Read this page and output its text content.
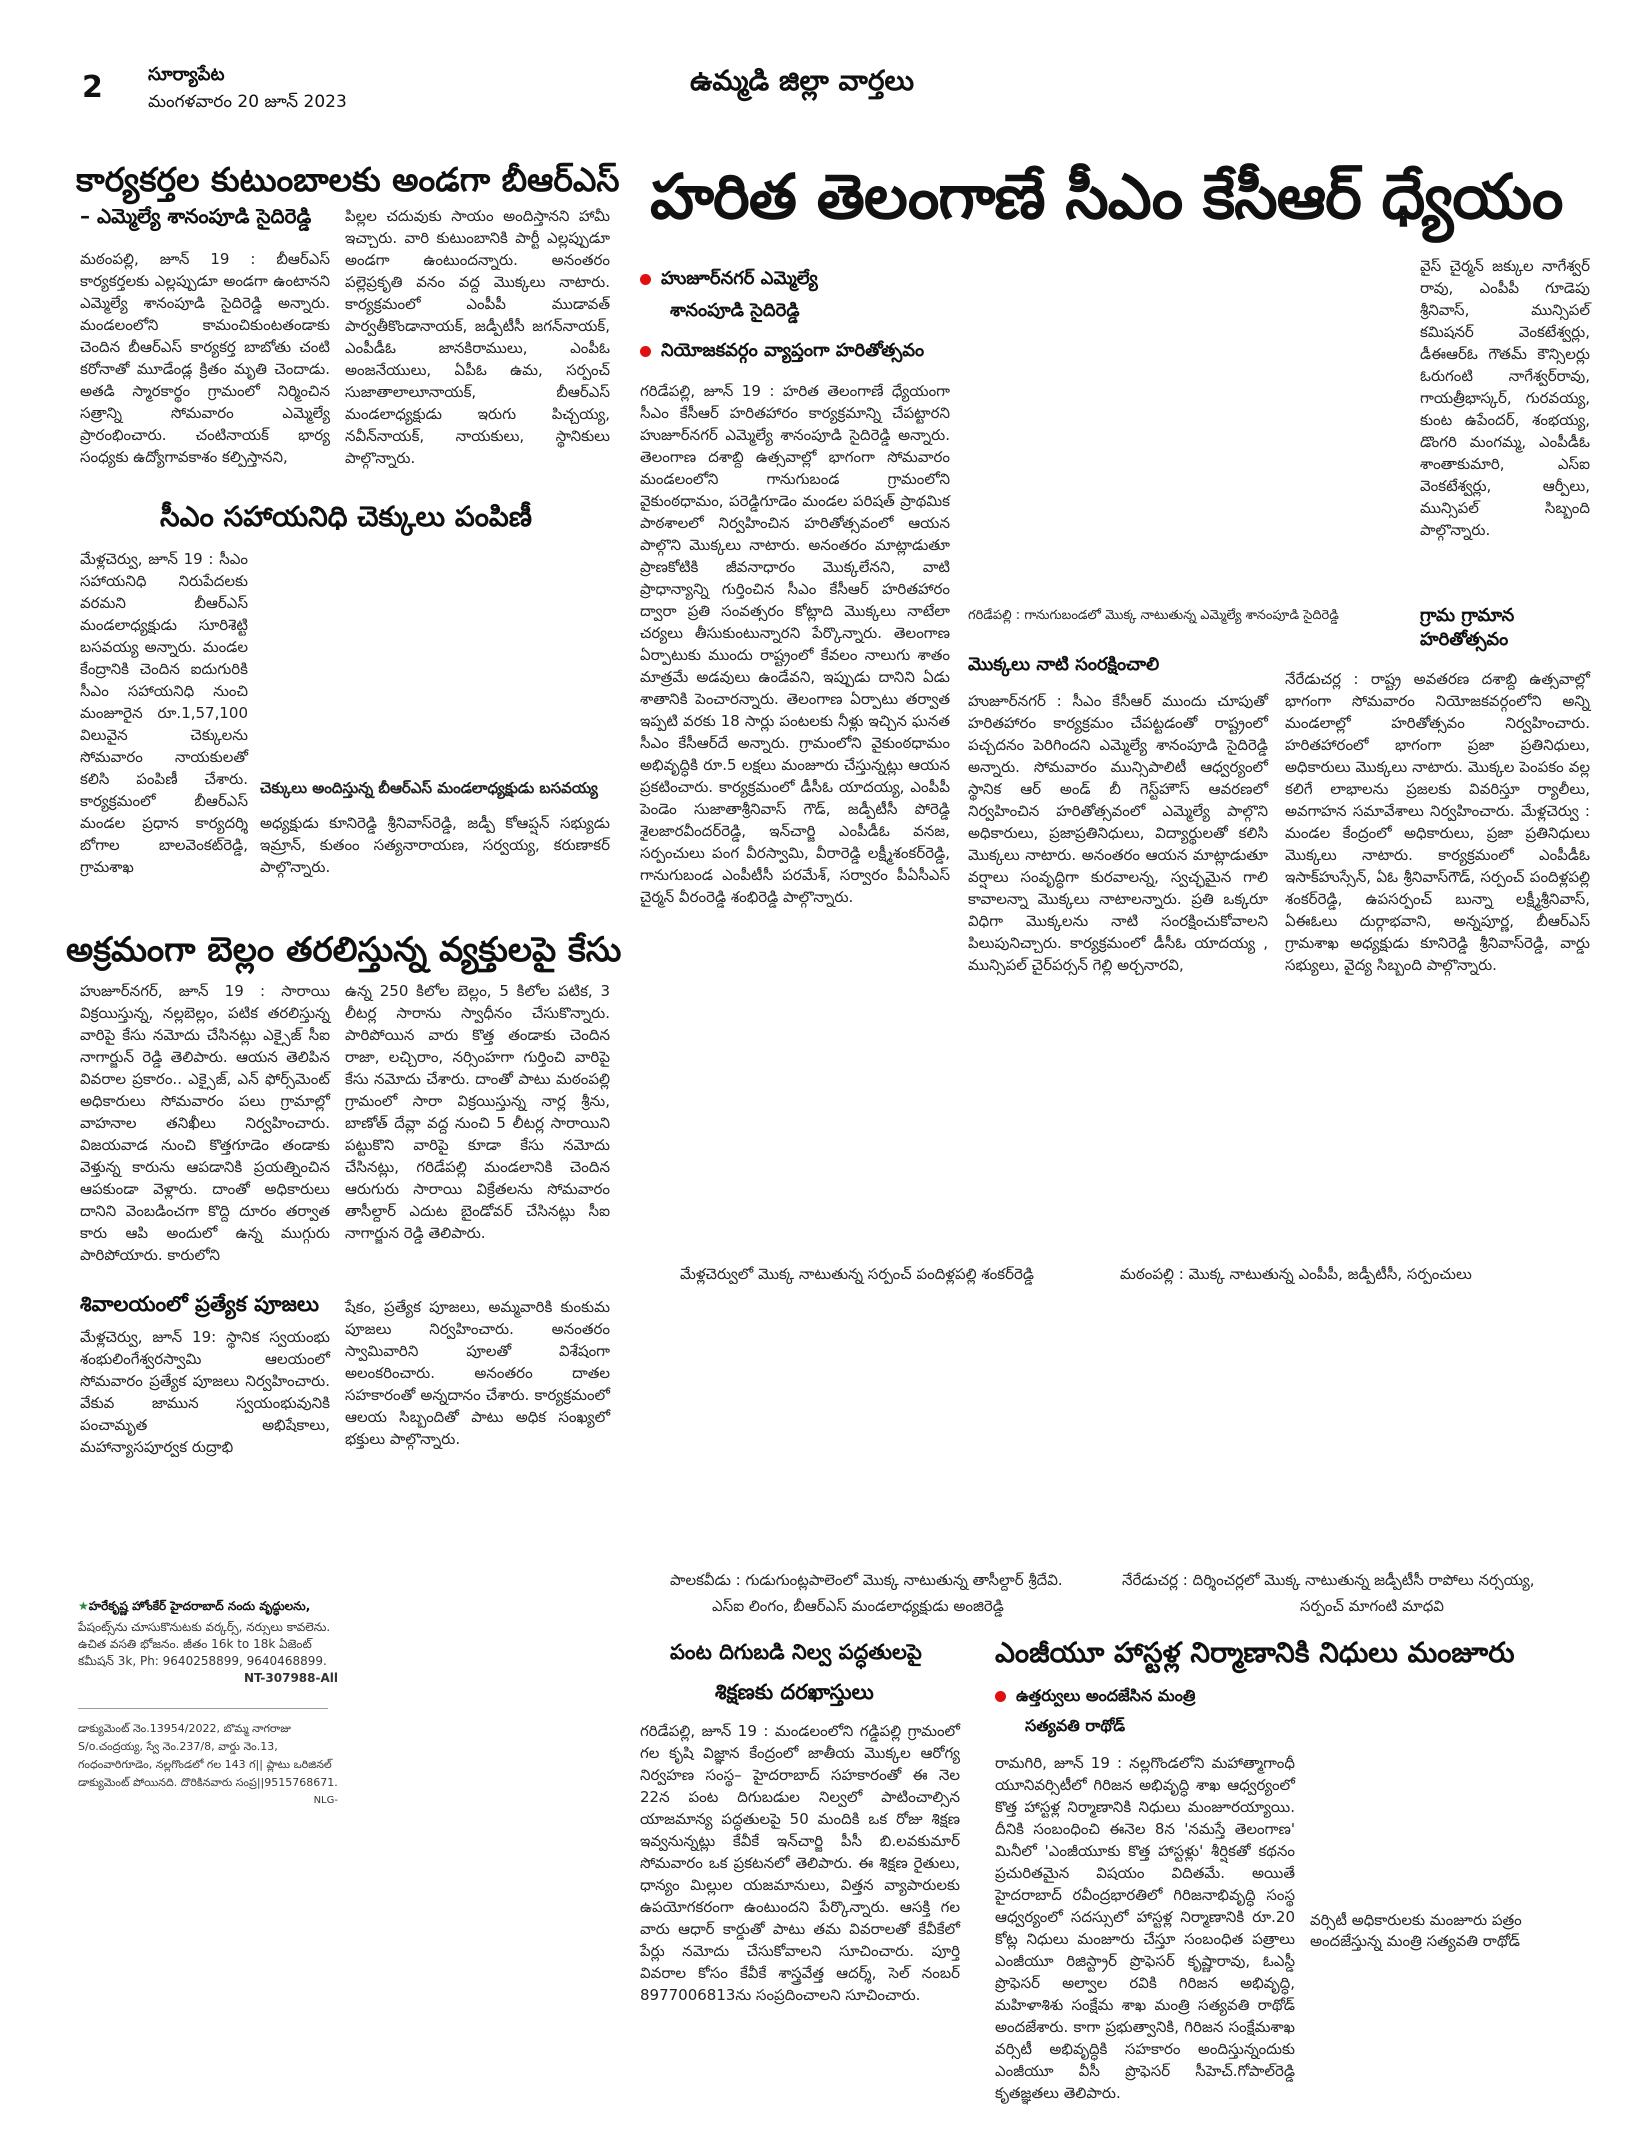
2	సూర్యాపేట
మంగళవారం 20 జూన్ 2023
ఉమ్మడి జిల్లా వార్తలు
కార్యకర్తల కుటుంబాలకు అండగా బీఆర్ఎస్
– ఎమ్మెల్యే శానంపూడి సైదిరెడ్డి
మఠంపల్లి, జూన్ 19 : బీఆర్ఎస్ కార్యకర్తలకు ఎల్లప్పుడూ అండగా ఉంటానని ఎమ్మెల్యే శానంపూడి సైదిరెడ్డి అన్నారు. మండలంలోని కామంచికుంటతండాకు చెందిన బీఆర్ఎస్ కార్యకర్త బాబోతు చంటి కరోనాతో మూడేండ్ల క్రితం మృతి చెందాడు. అతడి స్మారకార్థం గ్రామంలో నిర్మించిన సత్రాన్ని సోమవారం ఎమ్మెల్యే ప్రారంభించారు. చంటినాయక్ భార్య సంధ్యకు ఉద్యోగావకాశం కల్పిస్తానని,
పిల్లల చదువుకు సాయం అందిస్తానని హామీ ఇచ్చారు. వారి కుటుంబానికి పార్టీ ఎల్లప్పుడూ అండగా ఉంటుందన్నారు. అనంతరం పల్లెప్రకృతి వనం వద్ద మొక్కలు నాటారు. కార్యక్రమంలో ఎంపీపీ ముడావత్ పార్వతీకొండానాయక్, జడ్పీటీసీ జగన్‌నాయక్, ఎంపీడీఓ జానకిరాములు, ఎంపీఓ అంజనేయులు, ఏపీఓ ఉమ, సర్పంచ్ సుజాతాలాలూనాయక్, బీఆర్ఎస్ మండలాధ్యక్షుడు ఇరుగు పిచ్చయ్య, నవీన్‌నాయక్, నాయకులు, స్థానికులు పాల్గొన్నారు.
సీఎం సహాయనిధి చెక్కులు పంపిణీ
మేళ్లచెర్వు, జూన్ 19 : సీఎం సహాయనిధి నిరుపేదలకు వరమని బీఆర్ఎస్ మండలాధ్యక్షుడు సూరిశెట్టి బసవయ్య అన్నారు. మండల కేంద్రానికి చెందిన ఐదుగురికి సీఎం సహాయనిధి నుంచి మంజూరైన రూ.1,57,100 విలువైన చెక్కులను సోమవారం నాయకులతో కలిసి పంపిణీ చేశారు. కార్యక్రమంలో బీఆర్ఎస్ మండల ప్రధాన కార్యదర్శి బోగాల బాలవెంకట్‌రెడ్డి, గ్రామశాఖ
చెక్కులు అందిస్తున్న బీఆర్ఎస్ మండలాధ్యక్షుడు బసవయ్య
అధ్యక్షుడు కూనిరెడ్డి శ్రీనివాస్‌రెడ్డి, జడ్పీ కోఆప్షన్ సభ్యుడు ఇమ్రాన్, కుతంం సత్యనారాయణ, సర్వయ్య, కరుణాకర్ పాల్గొన్నారు.
అక్రమంగా బెల్లం తరలిస్తున్న వ్యక్తులపై కేసు
హుజూర్‌నగర్, జూన్ 19 : సారాయి విక్రయిస్తున్న, నల్లబెల్లం, పటిక తరలిస్తున్న వారిపై కేసు నమోదు చేసినట్లు ఎక్సైజ్ సీఐ నాగార్జున్ రెడ్డి తెలిపారు. ఆయన తెలిపిన వివరాల ప్రకారం.. ఎక్సైజ్, ఎన్ ఫోర్స్‌మెంట్ అధికారులు సోమవారం పలు గ్రామాల్లో వాహనాల తనిఖీలు నిర్వహించారు. విజయవాడ నుంచి కొత్తగూడెం తండాకు వెళ్తున్న కారును ఆపడానికి ప్రయత్నించిన ఆపకుండా వెళ్లారు. దాంతో అధికారులు దానిని వెంబడించగా కొద్ది దూరం తర్వాత కారు ఆపి అందులో ఉన్న ముగ్గురు పారిపోయారు. కారులోని
ఉన్న 250 కిలోల బెల్లం, 5 కిలోల పటిక, 3 లీటర్ల సారాను స్వాధీనం చేసుకొన్నారు. పారిపోయిన వారు కొత్త తండాకు చెందిన రాజా, లచ్చిరాం, నర్సింహగా గుర్తించి వారిపై కేసు నమోదు చేశారు. దాంతో పాటు మఠంపల్లి గ్రామంలో సారా విక్రయిస్తున్న నార్ల శ్రీను, బాణోత్ దేవ్లా వద్ద నుంచి 5 లీటర్ల సారాయిని పట్టుకొని వారిపై కూడా కేసు నమోదు చేసినట్లు, గరిడేపల్లి మండలానికి చెందిన ఆరుగురు సారాయి విక్రేతలను సోమవారం తాసీల్దార్ ఎదుట బైండోవర్ చేసినట్లు సీఐ నాగార్జున రెడ్డి తెలిపారు.
శివాలయంలో ప్రత్యేక పూజలు
మేళ్లచెర్వు, జూన్ 19: స్థానిక స్వయంభు శంభులింగేశ్వరస్వామి ఆలయంలో సోమవారం ప్రత్యేక పూజలు నిర్వహించారు. వేకువ జామున స్వయంభువునికి పంచామృత అభిషేకాలు, మహాన్యాసపూర్వక రుద్రాభి
షేకం, ప్రత్యేక పూజలు, అమ్మవారికి కుంకుమ పూజలు నిర్వహించారు. అనంతరం స్వామివారిని పూలతో విశేషంగా అలంకరించారు. అనంతరం దాతల సహకారంతో అన్నదానం చేశారు. కార్యక్రమంలో ఆలయ సిబ్బందితో పాటు అధిక సంఖ్యలో భక్తులు పాల్గొన్నారు.
హరిత తెలంగాణే సీఎం కేసీఆర్ ధ్యేయం
హుజూర్‌నగర్ ఎమ్మెల్యే
శానంపూడి సైదిరెడ్డి
నియోజకవర్గం వ్యాప్తంగా హరితోత్సవం
గరిడేపల్లి, జూన్ 19 : హరిత తెలంగాణే ధ్యేయంగా సీఎం కేసీఆర్ హరితహారం కార్యక్రమాన్ని చేపట్టారని హుజూర్‌నగర్ ఎమ్మెల్యే శానంపూడి సైదిరెడ్డి అన్నారు. తెలంగాణ దశాబ్ది ఉత్సవాల్లో భాగంగా సోమవారం మండలంలోని గానుగుబండ గ్రామంలోని వైకుంఠధామం, పరెడ్డిగూడెం మండల పరిషత్ ప్రాథమిక పాఠశాలలో నిర్వహించిన హరితోత్సవంలో ఆయన పాల్గొని మొక్కలు నాటారు. అనంతరం మాట్లాడుతూ ప్రాణకోటికి జీవనాధారం మొక్కలేనని, వాటి ప్రాధాన్యాన్ని గుర్తించిన సీఎం కేసీఆర్ హరితహారం ద్వారా ప్రతి సంవత్సరం కోట్లాది మొక్కలు నాటేలా చర్యలు తీసుకుంటున్నారని పేర్కొన్నారు. తెలంగాణ ఏర్పాటుకు ముందు రాష్ట్రంలో కేవలం నాలుగు శాతం మాత్రమే అడవులు ఉండేవని, ఇప్పుడు దానిని ఏడు శాతానికి పెంచారన్నారు. తెలంగాణ ఏర్పాటు తర్వాత ఇప్పటి వరకు 18 సార్లు పంటలకు నీళ్లు ఇచ్చిన ఘనత సీఎం కేసీఆర్‌దే అన్నారు. గ్రామంలోని వైకుంఠధామం అభివృద్ధికి రూ.5 లక్షలు మంజూరు చేస్తున్నట్లు ఆయన ప్రకటించారు. కార్యక్రమంలో డీసీఓ యాదయ్య, ఎంపీపీ పెండెం సుజాతాశ్రీనివాస్ గౌడ్, జడ్పీటీసీ పోరెడ్డి శైలజారవీందర్‌రెడ్డి, ఇన్‌చార్జి ఎంపీడీఓ వనజ, సర్పంచులు పంగ వీరస్వామి, వీరారెడ్డి లక్ష్మీశంకర్‌రెడ్డి, గానుగుబండ ఎంపీటీసీ పరమేశ్, సర్వారం పీఏసీఎస్ చైర్మన్ వీరంరెడ్డి శంభిరెడ్డి పాల్గొన్నారు.
గరిడేపల్లి : గానుగుబండలో మొక్క నాటుతున్న ఎమ్మెల్యే శానంపూడి సైదిరెడ్డి
వైస్ చైర్మన్ జక్కుల నాగేశ్వర్ రావు, ఎంపీపీ గూడెపు శ్రీనివాస్, మున్సిపల్ కమిషనర్ వెంకటేశ్వర్లు, డీఈఆర్ఓ గౌతమ్ కౌన్సిలర్లు ఓరుగంటి నాగేశ్వర్‌రావు, గాయత్రీభాస్కర్, గురవయ్య, కుంట ఉపేందర్, శంభయ్య, డొంగరి మంగమ్మ, ఎంపీడీఓ శాంతాకుమారి, ఎస్ఐ వెంకటేశ్వర్లు, ఆర్పీలు, మున్సిపల్ సిబ్బంది పాల్గొన్నారు.
మొక్కలు నాటి సంరక్షించాలి
హుజూర్‌నగర్ : సీఎం కేసీఆర్ ముందు చూపుతో హరితహారం కార్యక్రమం చేపట్టడంతో రాష్ట్రంలో పచ్చదనం పెరిగిందని ఎమ్మెల్యే శానంపూడి సైదిరెడ్డి అన్నారు. సోమవారం మున్సిపాలిటీ ఆధ్వర్యంలో స్థానిక ఆర్ అండ్ బీ గెస్ట్‌హౌస్ ఆవరణలో నిర్వహించిన హరితోత్సవంలో ఎమ్మెల్యే పాల్గొని అధికారులు, ప్రజాప్రతినిధులు, విద్యార్థులతో కలిసి మొక్కలు నాటారు. అనంతరం ఆయన మాట్లాడుతూ వర్షాలు సంవృద్ధిగా కురవాలన్న, స్వచ్ఛమైన గాలి కావాలన్నా మొక్కలు నాటాలన్నారు. ప్రతి ఒక్కరూ విధిగా మొక్కలను నాటి సంరక్షించుకోవాలని పిలుపునిచ్చారు. కార్యక్రమంలో డీసీఓ యాదయ్య , మున్సిపల్ చైర్‌పర్సన్ గెల్లి అర్చనారవి,
గ్రామ గ్రామాన హరితోత్సవం
నేరేడుచర్ల : రాష్ట్ర అవతరణ దశాబ్ది ఉత్సవాల్లో భాగంగా సోమవారం నియోజకవర్గంలోని అన్ని మండలాల్లో హరితోత్సవం నిర్వహించారు. హరితహారంలో భాగంగా ప్రజా ప్రతినిధులు, అధికారులు మొక్కలు నాటారు. మొక్కల పెంపకం వల్ల కలిగే లాభాలను ప్రజలకు వివరిస్తూ ర్యాలీలు, అవగాహన సమావేశాలు నిర్వహించారు. మేళ్లచెర్వు : మండల కేంద్రంలో అధికారులు, ప్రజా ప్రతినిధులు మొక్కలు నాటారు. కార్యక్రమంలో ఎంపీడీఓ ఇసాక్‌హుస్సేన్, ఏఓ శ్రీనివాస్‌గౌడ్, సర్పంచ్ పందిళ్లపల్లి శంకర్‌రెడ్డి, ఉపసర్పంచ్ బున్నా లక్ష్మీశ్రీనివాస్, ఏఈఓలు దుర్గాభవాని, అన్నపూర్ణ, బీఆర్ఎస్ గ్రామశాఖ అధ్యక్షుడు కూనిరెడ్డి శ్రీనివాస్‌రెడ్డి, వార్డు సభ్యులు, వైద్య సిబ్బంది పాల్గొన్నారు.
మేళ్లచెర్వులో మొక్క నాటుతున్న సర్పంచ్ పందిళ్లపల్లి శంకర్‌రెడ్డి	మఠంపల్లి : మొక్క నాటుతున్న ఎంపీపీ, జడ్పీటీసీ, సర్పంచులు
పాలకవీడు : గుడుగుంట్లపాలెంలో మొక్క నాటుతున్న తాసీల్దార్ శ్రీదేవి.
ఎస్ఐ లింగం, బీఆర్ఎస్ మండలాధ్యక్షుడు అంజిరెడ్డి
నేరేడుచర్ల : దిర్శించర్లలో మొక్క నాటుతున్న జడ్పీటీసీ రాపోలు నర్సయ్య,
సర్పంచ్ మాగంటి మాధవి
★హరేకృష్ణ హోంకేర్ హైదరాబాద్ నందు వృద్ధులను,
పేషంట్స్‌ను చూసుకొనుటకు వర్కర్స్, నర్సులు కావలెను. ఉచిత వసతి భోజనం. జీతం 16k to 18k ఏజెంట్ కమీషన్ 3k, Ph: 9640258899, 9640468899.
NT-307988-All
డాక్యుమెంట్ నెం.13954/2022, బొమ్మ నాగరాజు S/o.చంద్రయ్య, స్వే నెం.237/8, వార్డు నెం.13, గంధంవారిగూడెం, నల్లగొండలో గల 143 గ|| ప్లాటు ఒరిజినల్ డాక్యుమెంట్ పోయినది. దొరికినవారు సంప్ర||9515768671.
NLG-
పంట దిగుబడి నిల్వ పద్ధతులపై
శిక్షణకు దరఖాస్తులు
గరిడేపల్లి, జూన్ 19 : మండలంలోని గడ్డిపల్లి గ్రామంలో గల కృషి విజ్ఞాన కేంద్రంలో జాతీయ మొక్కల ఆరోగ్య నిర్వహణ సంస్థ– హైదరాబాద్ సహకారంతో ఈ నెల 22న పంట దిగుబడుల నిల్వలో పాటించాల్సిన యాజమాన్య పద్ధతులపై 50 మందికి ఒక రోజు శిక్షణ ఇవ్వనున్నట్లు కేవీకే ఇన్‌చార్జి పీసీ బి.లవకుమార్ సోమవారం ఒక ప్రకటనలో తెలిపారు. ఈ శిక్షణ రైతులు, ధాన్యం మిల్లుల యజమానులు, విత్తన వ్యాపారులకు ఉపయోగకరంగా ఉంటుందని పేర్కొన్నారు. ఆసక్తి గల వారు ఆధార్ కార్డుతో పాటు తమ వివరాలతో కేవీకేలో పేర్లు నమోదు చేసుకోవాలని సూచించారు. పూర్తి వివరాల కోసం కేవీకే శాస్త్రవేత్త ఆదర్శ్, సెల్ నంబర్ 8977006813ను సంప్రదించాలని సూచించారు.
ఎంజీయూ హాస్టళ్ల నిర్మాణానికి నిధులు మంజూరు
ఉత్తర్వులు అందజేసిన మంత్రి
సత్యవతి రాథోడ్
రామగిరి, జూన్ 19 : నల్లగొండలోని మహాత్మాగాంధీ యూనివర్సిటీలో గిరిజన అభివృద్ధి శాఖ ఆధ్వర్యంలో కొత్త హాస్టళ్ల నిర్మాణానికి నిధులు మంజూరయ్యాయి. దీనికి సంబంధించి ఈనెల 8న 'నమస్తే తెలంగాణ' మినీలో 'ఎంజీయూకు కొత్త హాస్టళ్లు' శీర్షికతో కథనం ప్రచురితమైన విషయం విదితమే. అయితే హైదరాబాద్ రవీంద్రభారతిలో గిరిజనాభివృద్ధి సంస్థ ఆధ్వర్యంలో సదస్సులో హాస్టళ్ల నిర్మాణానికి రూ.20 కోట్ల నిధులు మంజూరు చేస్తూ సంబంధిత పత్రాలు ఎంజీయూ రిజిస్ట్రార్ ప్రొఫెసర్ కృష్ణారావు, ఓఎస్డీ ప్రొఫెసర్ అల్వాల రవికి గిరిజన అభివృద్ధి, మహిళాశిశు సంక్షేమ శాఖ మంత్రి సత్యవతి రాథోడ్ అందజేశారు. కాగా ప్రభుత్వానికి, గిరిజన సంక్షేమశాఖ వర్సిటీ అభివృద్ధికి సహకారం అందిస్తున్నందుకు ఎంజీయూ వీసీ ప్రొఫెసర్ సీహెచ్.గోపాల్‌రెడ్డి కృతజ్ఞతలు తెలిపారు.
వర్సిటీ అధికారులకు మంజూరు పత్రం అందజేస్తున్న మంత్రి సత్యవతి రాథోడ్
